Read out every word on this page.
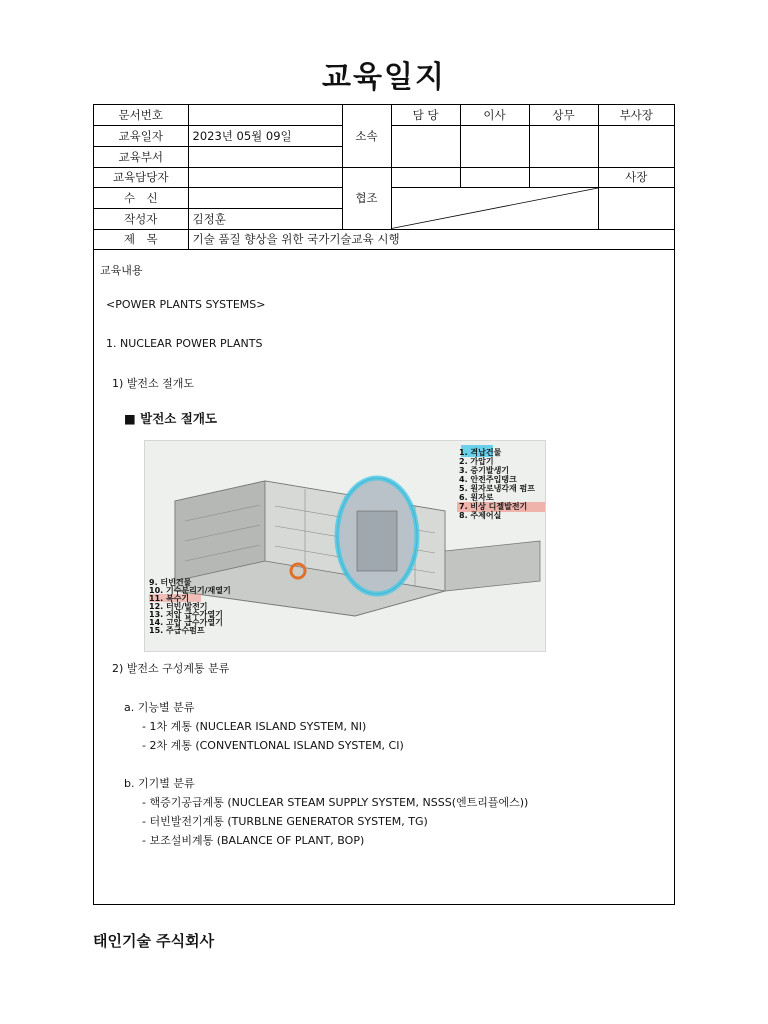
교육일지
문서번호		소속	담 당	이사	상무	부사장
교육일자	2023년 05월 09일					
교육부서						
교육담당자		협조				사장
수　신		

작성자	김정훈					
제　목	기술 품질 향상을 위한 국가기술교육 시행					
교육내용
<POWER PLANTS SYSTEMS>
1. NUCLEAR POWER PLANTS
1) 발전소 절개도
■ 발전소 절개도
1. 격납건물 2. 가압기 3. 증기발생기 4. 안전주입탱크 5. 원자로냉각재 펌프 6. 원자로 7. 비상 디젤발전기 8. 주제어실
9. 터빈건물 10. 기수분리기/재열기 11. 복수기 12. 터빈/발전기 13. 저압 급수가열기 14. 고압 급수가열기 15. 주급수펌프
2) 발전소 구성계통 분류
a. 기능별 분류
- 1차 계통 (NUCLEAR ISLAND SYSTEM, NI)
- 2차 계통 (CONVENTLONAL ISLAND SYSTEM, CI)
b. 기기별 분류
- 핵증기공급계통 (NUCLEAR STEAM SUPPLY SYSTEM, NSSS(엔트리플에스))
- 터빈발전기계통 (TURBLNE GENERATOR SYSTEM, TG)
- 보조설비계통 (BALANCE OF PLANT, BOP)
태인기술 주식회사
